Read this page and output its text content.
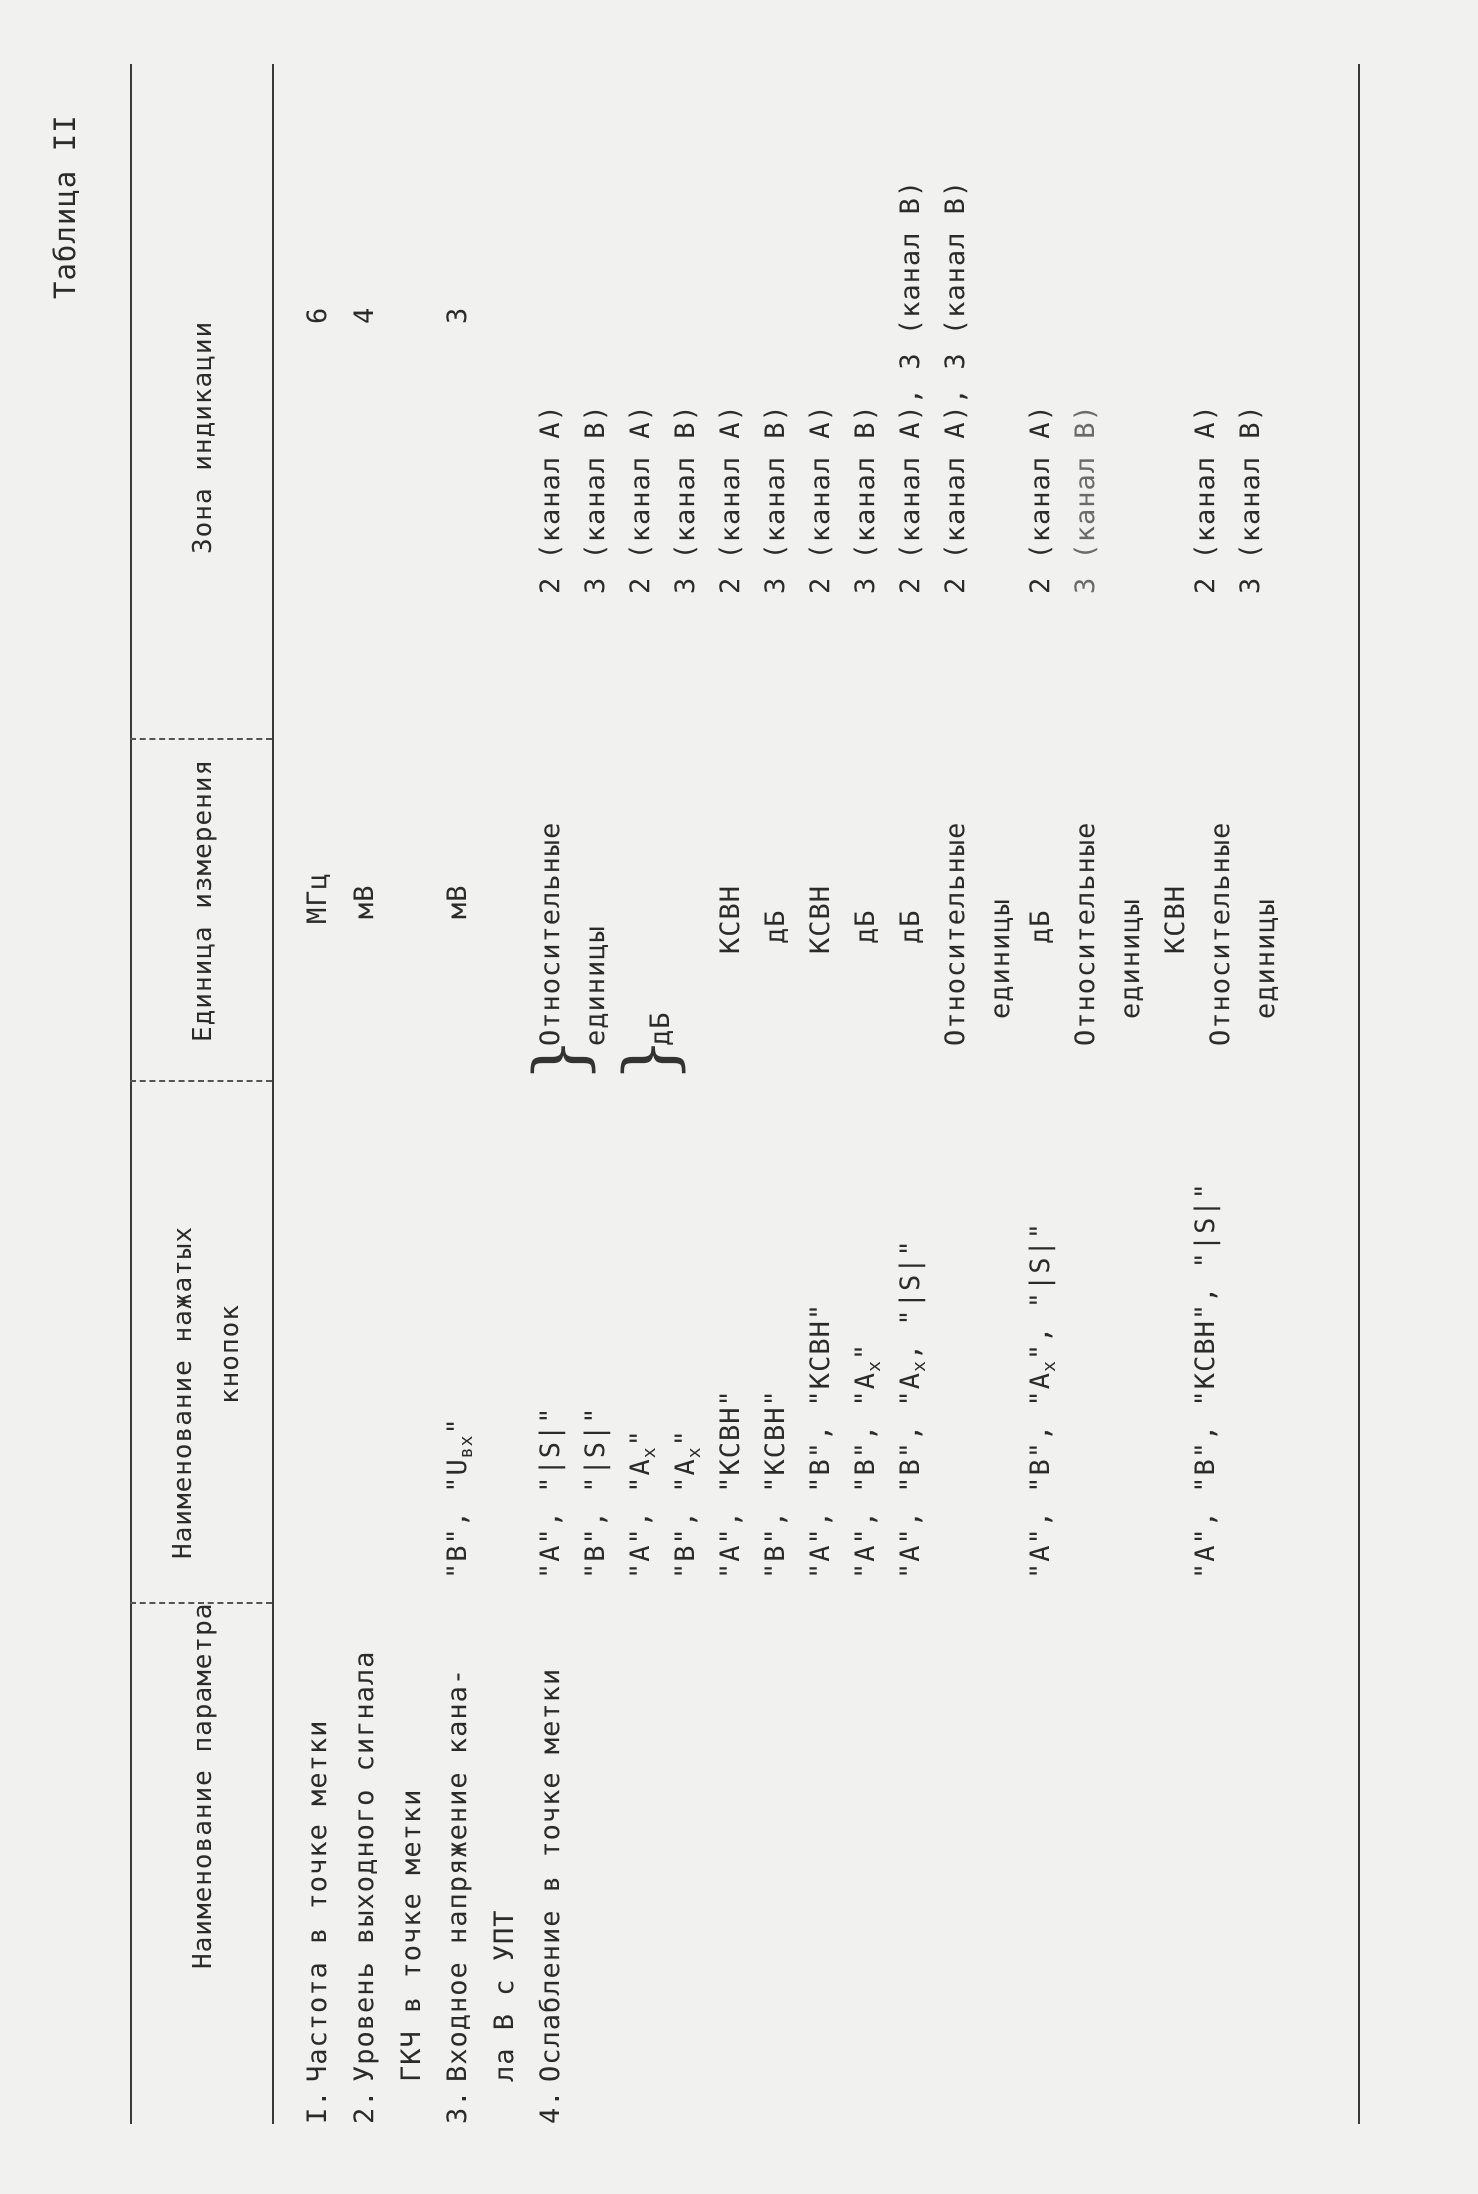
Таблица II
Наименование параметра
Наименование нажатых кнопок
Единица измерения
Зона индикации
I.
Частота в точке метки
2.
Уровень выходного сигнала ГКЧ в точке метки
3.
Входное напряжение кана- ла В с УПТ
4.
Ослабление в точке метки
"В", "$U_{вх}$" "А", "|S|" "В", "|S|" "А", "$А_х$"
"В", "$А_х$" "А", "КСВН" "В", "КСВН" "А", "В", "КСВН" "А", "В", "$А_х$"
"А", "В", "$А_х$, "|S|"
"А", "В", "$А_х$", "|S|"	"А", "В", "КСВН", "|S|"
МГц мВ мВ
}
Относительные единицы
}
дБ
КСВН дБ КСВН дБ дБ Относительные единицы дБ Относительные единицы КСВН Относительные единицы
6 4 3
2 (канал А) 3 (канал В) 2 (канал А) 3 (канал В) 2 (канал А) 3 (канал В) 2 (канал А) 3 (канал В) 2 (канал А), 3 (канал В) 2 (канал А), 3 (канал В) 2 (канал А) 3 (канал В)	2 (канал А) 3 (канал В)
